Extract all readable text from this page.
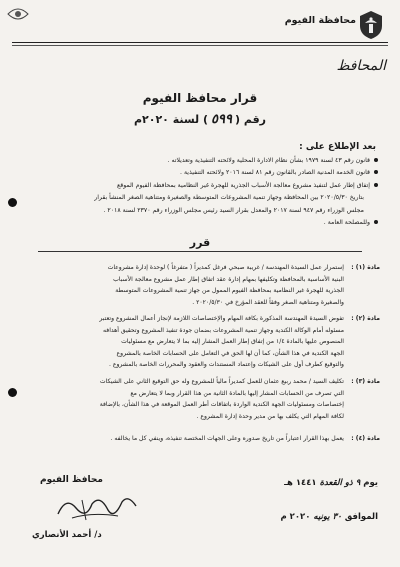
محافظة الفيوم
المحافظ
قرار محافظ الفيوم
رقم (٥٩٩) لسنة ٢٠٢٠م
بعد الإطلاع على :
قانون رقم ٤٣ لسنة ١٩٧٩ بشأن نظام الادارة المحلية ولائحته التنفيذية وتعديلاته .
قانون الخدمة المدنية الصادر بالقانون رقم ٨١ لسنة ٢٠١٦ ولائحته التنفيذية .
إتفاق إطار عمل لتنفيذ مشروع معالجة الأسباب الجذرية للهجرة غير النظامية بمحافظة الفيوم الموقع
بتاريخ ٢٠٢٠/٥/٣٠ بين المحافظة وجهاز تنمية المشروعات المتوسطة والصغيرة ومتناهية الصغر المنشأ بقرار
مجلس الوزراء رقم ٩٤٧ لسنة ٢٠١٧ والمعدل بقرار السيد رئيس مجلس الوزراء رقم ٢٣٧٠ لسنة ٢٠١٨ .
وللمصلحة العامة .
قرر
مادة (١) :
إستمرار عمل السيدة المهندسة / غريبة صبحي فرغل كمديراً ( متفرغاً ) لوحدة إدارة مشروعات
البنية الأساسية بالمحافظة وتكليفها بمهام إدارة عقد اتفاق إطار عمل مشروع معالجة الأسباب
الجذرية للهجرة غير النظامية بمحافظة الفيوم الممول من جهاز تنمية المشروعات المتوسطة
والصغيرة ومتناهية الصغر وفقاً للعقد المؤرخ في ٢٠٢٠/٥/٣٠ .
مادة (٢) :
تفوض السيدة المهندسة المذكورة بكافة المهام والإختصاصات اللازمة لإنجاز أعمال المشروع وتعتبر
مسئوله أمام الوكالة الكندية وجهاز تنمية المشروعات بضمان جودة تنفيذ المشروع وتحقيق أهدافه
المنصوص عليها بالمادة ١/٤ من إتفاق إطار العمل المشار إليه بما لا يتعارض مع مسئوليات
الجهة الكندية في هذا الشأن، كما أن لها الحق في التعامل على الحسابات الخاصة بالمشروع
والتوقيع كطرف أول على الشيكات وإعتماد المستندات والعقود والمحررات الخاصة بالمشروع .
مادة (٣) :
تكليف السيد / محمد ربيع عثمان للعمل كمديراً مالياً للمشروع وله حق التوقيع الثاني على الشيكات
التي تصرف من الحسابات المشار إليها بالمادة الثانية من هذا القرار وبما لا يتعارض مع
إختصاصات ومسئوليات الجهة الكندية الواردة باتفاقات أطر العمل الموقعة في هذا الشأن، بالإضافة
لكافة المهام التي يكلف بها من مدير وحدة إدارة المشروع .
مادة (٤) :
يعمل بهذا القرار اعتباراً من تاريخ صدوره وعلى الجهات المختصة تنفيذه، وينفي كل ما يخالفه .
محافظ الفيوم
د/ أحمد الأنصاري
يوم ٩ ذو القعدة ١٤٤١ هـ
الموافق ٣٠ يونيه ٢٠٢٠ م
